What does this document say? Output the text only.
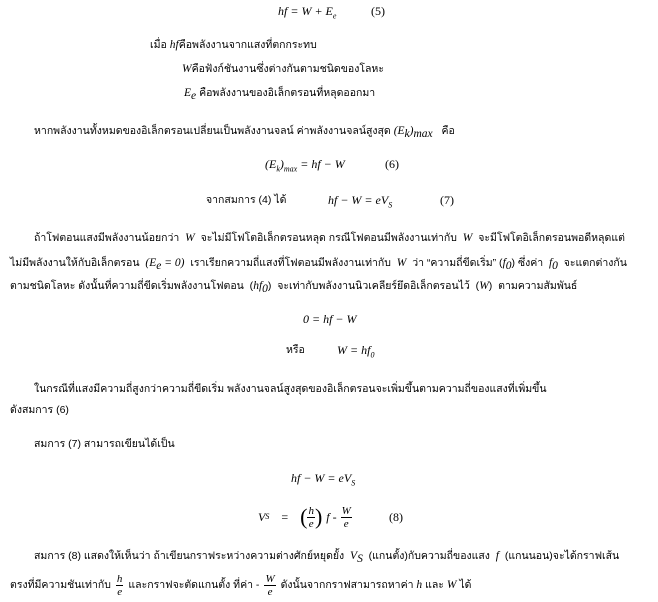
hf = $W + E_e$	(5)
เมื่อ hfคือพลังงานจากแสงที่ตกกระทบ
Wคือฟังก์ชันงานซึ่งต่างกันตามชนิดของโลหะ
$E_e$ คือพลังงานของอิเล็กตรอนที่หลุดออกมา
หากพลังงานทั้งหมดของอิเล็กตรอนเปลี่ยนเป็นพลังงานจลน์ ค่าพลังงานจลน์สูงสุด $(E_k)_{max}$ คือ
$(E_k)_{max}$ = hf − W	(6)
จากสมการ (4) ได้	hf − $W = eV_S$	(7)
ถ้าโฟตอนแสงมีพลังงานน้อยกว่า W จะไม่มีโฟโตอิเล็กตรอนหลุด กรณีโฟตอนมีพลังงานเท่ากับ W จะมีโฟโตอิเล็กตรอนพอดีหลุดแต่
ไม่มีพลังงานให้กับอิเล็กตรอน $(E_e = 0)$ เราเรียกความถี่แสงที่โฟตอนมีพลังงานเท่ากับ W ว่า “ความถี่ขีดเริ่ม” $(f_0)$ ซึ่งค่า $f_0$ จะแตกต่างกัน
ตามชนิดโลหะ ดังนั้นที่ความถี่ขีดเริ่มพลังงานโฟตอน  $(hf_0)$  จะเท่ากับพลังงานนิวเคลียร์ยึดอิเล็กตรอนไว้  (W)  ตามความสัมพันธ์
0 = hf − W
หรือ	$W = hf_0$
ในกรณีที่แสงมีความถี่สูงกว่าความถี่ขีดเริ่ม พลังงานจลน์สูงสุดของอิเล็กตรอนจะเพิ่มขึ้นตามความถี่ของแสงที่เพิ่มขึ้น
ดังสมการ (6)
สมการ (7) สามารถเขียนได้เป็น
hf − $W = eV_S$
V S = ( $\frac{h}{e}$ ) f - $\frac{W}{e}$	(8)
สมการ (8) แสดงให้เห็นว่า ถ้าเขียนกราฟระหว่างความต่างศักย์หยุดยั้ง $V_S$ (แกนตั้ง)กับความถี่ของแสง f (แกนนอน)จะได้กราฟเส้น
ตรงที่มีความชันเท่ากับ $\frac{h}{e}$ และกราฟจะตัดแกนตั้ง ที่ค่า - $\frac{W}{e}$ ดังนั้นจากกราฟสามารถหาค่า
h
และ
W
ได้
